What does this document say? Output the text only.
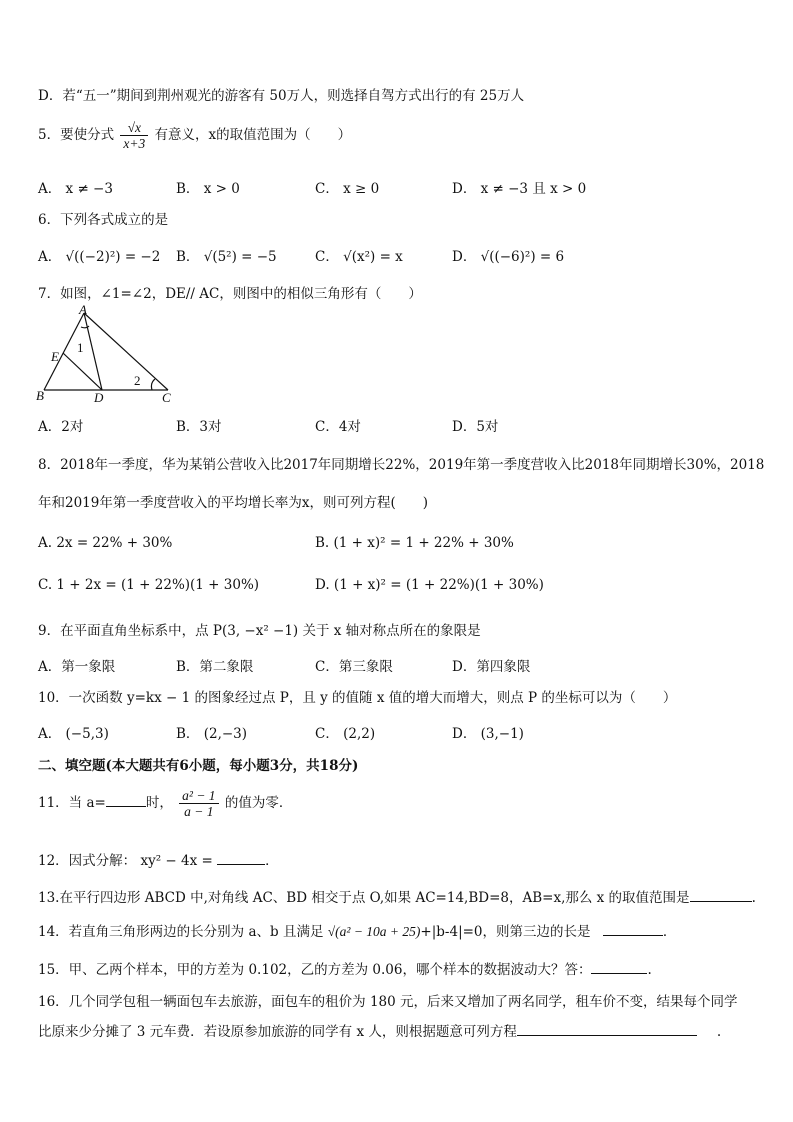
D．若“五一”期间到荆州观光的游客有 50万人，则选择自驾方式出行的有 25万人
5．要使分式 $\frac{√x}{x+3}$ 有意义，x的取值范围为（　　）
A． x ≠ −3	B． x > 0	C． x ≥ 0	D． x ≠ −3 且 x > 0
6．下列各式成立的是
A． √((−2)²) = −2 B． √(5²) = −5	C． √(x²) = x	D． √((−6)²) = 6
7．如图，∠1=∠2，DE// AC，则图中的相似三角形有（　　）
A
E
1
2
B	D	C
A．2对	B．3对	C．4对	D．5对
8．2018年一季度，华为某销公营收入比2017年同期增长22%，2019年第一季度营收入比2018年同期增长30%，2018
年和2019年第一季度营收入的平均增长率为x，则可列方程(　　)
A. 2x = 22% + 30%	B. (1 + x)² = 1 + 22% + 30%
C. 1 + 2x = (1 + 22%)(1 + 30%)	D. (1 + x)² = (1 + 22%)(1 + 30%)
9．在平面直角坐标系中，点 P(3, −x² −1) 关于 x 轴对称点所在的象限是
A．第一象限	B．第二象限	C．第三象限	D．第四象限
10．一次函数 y=kx − 1 的图象经过点 P，且 y 的值随 x 值的增大而增大，则点 P 的坐标可以为（　　）
A． (−5,3)	B． (2,−3)	C． (2,2)	D． (3,−1)
二、填空题(本大题共有6小题，每小题3分，共18分)
11．当 a=	时， $\frac{\text{a² − 1}}{a - 1}$ 的值为零．
12．因式分解： xy² − 4x =	．
13.在平行四边形 ABCD 中,对角线 AC、BD 相交于点 O,如果 AC=14,BD=8，AB=x,那么 x 的取值范围是	.
14．若直角三角形两边的长分别为 a、b 且满足 √(a² − 10a + 25)+|b-4|=0，则第三边的长是	．
15．甲、乙两个样本，甲的方差为 0.102，乙的方差为 0.06，哪个样本的数据波动大？答：	.
16．几个同学包租一辆面包车去旅游，面包车的租价为 180 元，后来又增加了两名同学，租车价不变，结果每个同学
比原来少分摊了 3 元车费．若设原参加旅游的同学有 x 人，则根据题意可列方程	.
